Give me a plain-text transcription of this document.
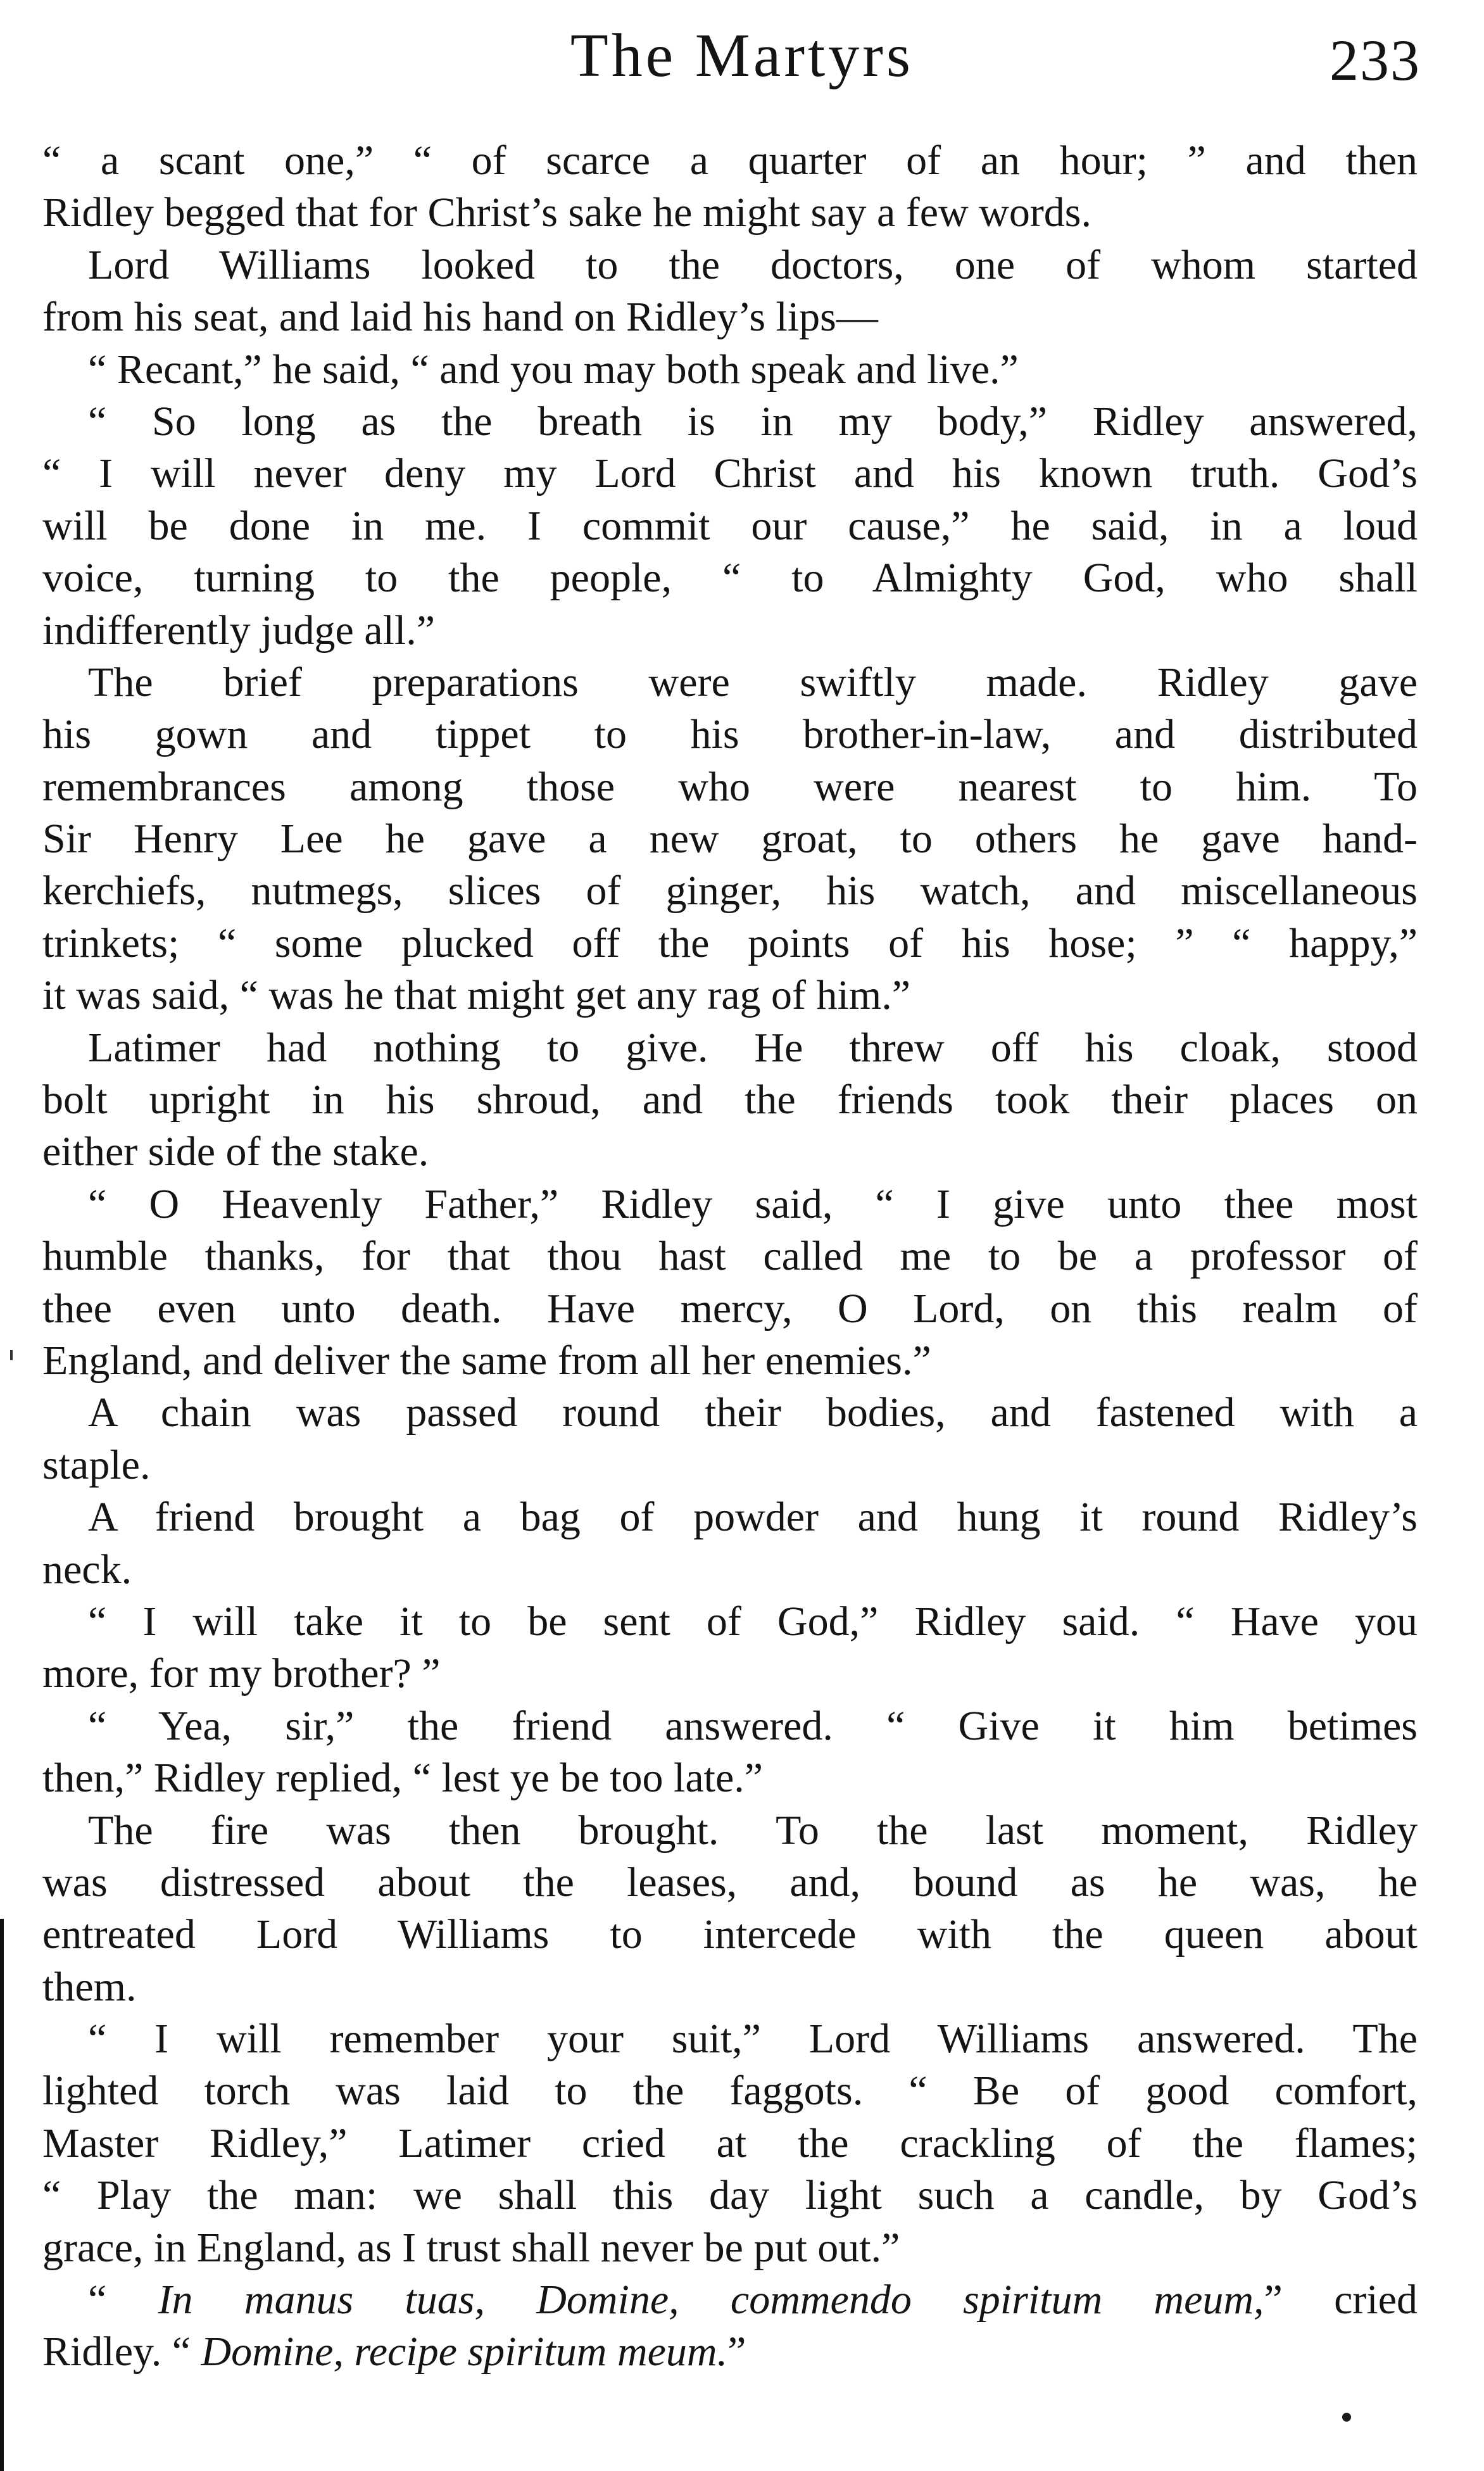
The Martyrs	233
“ a scant one,” “ of scarce a quarter of an hour; ” and then
Ridley begged that for Christ’s sake he might say a few words.
Lord Williams looked to the doctors, one of whom started
from his seat, and laid his hand on Ridley’s lips—
“ Recant,” he said, “ and you may both speak and live.”
“ So long as the breath is in my body,” Ridley answered,
“ I will never deny my Lord Christ and his known truth. God’s
will be done in me. I commit our cause,” he said, in a loud
voice, turning to the people, “ to Almighty God, who shall
indifferently judge all.”
The brief preparations were swiftly made. Ridley gave
his gown and tippet to his brother-in-law, and distributed
remembrances among those who were nearest to him. To
Sir Henry Lee he gave a new groat, to others he gave hand-
kerchiefs, nutmegs, slices of ginger, his watch, and miscellaneous
trinkets; “ some plucked off the points of his hose; ” “ happy,”
it was said, “ was he that might get any rag of him.”
Latimer had nothing to give. He threw off his cloak, stood
bolt upright in his shroud, and the friends took their places on
either side of the stake.
“ O Heavenly Father,” Ridley said, “ I give unto thee most
humble thanks, for that thou hast called me to be a professor of
thee even unto death. Have mercy, O Lord, on this realm of
England, and deliver the same from all her enemies.”
A chain was passed round their bodies, and fastened with a
staple.
A friend brought a bag of powder and hung it round Ridley’s
neck.
“ I will take it to be sent of God,” Ridley said. “ Have you
more, for my brother? ”
“ Yea, sir,” the friend answered. “ Give it him betimes
then,” Ridley replied, “ lest ye be too late.”
The fire was then brought. To the last moment, Ridley
was distressed about the leases, and, bound as he was, he
entreated Lord Williams to intercede with the queen about
them.
“ I will remember your suit,” Lord Williams answered. The
lighted torch was laid to the faggots. “ Be of good comfort,
Master Ridley,” Latimer cried at the crackling of the flames;
“ Play the man: we shall this day light such a candle, by God’s
grace, in England, as I trust shall never be put out.”
“ In manus tuas, Domine, commendo spiritum meum,” cried
Ridley. “ Domine, recipe spiritum meum.”
